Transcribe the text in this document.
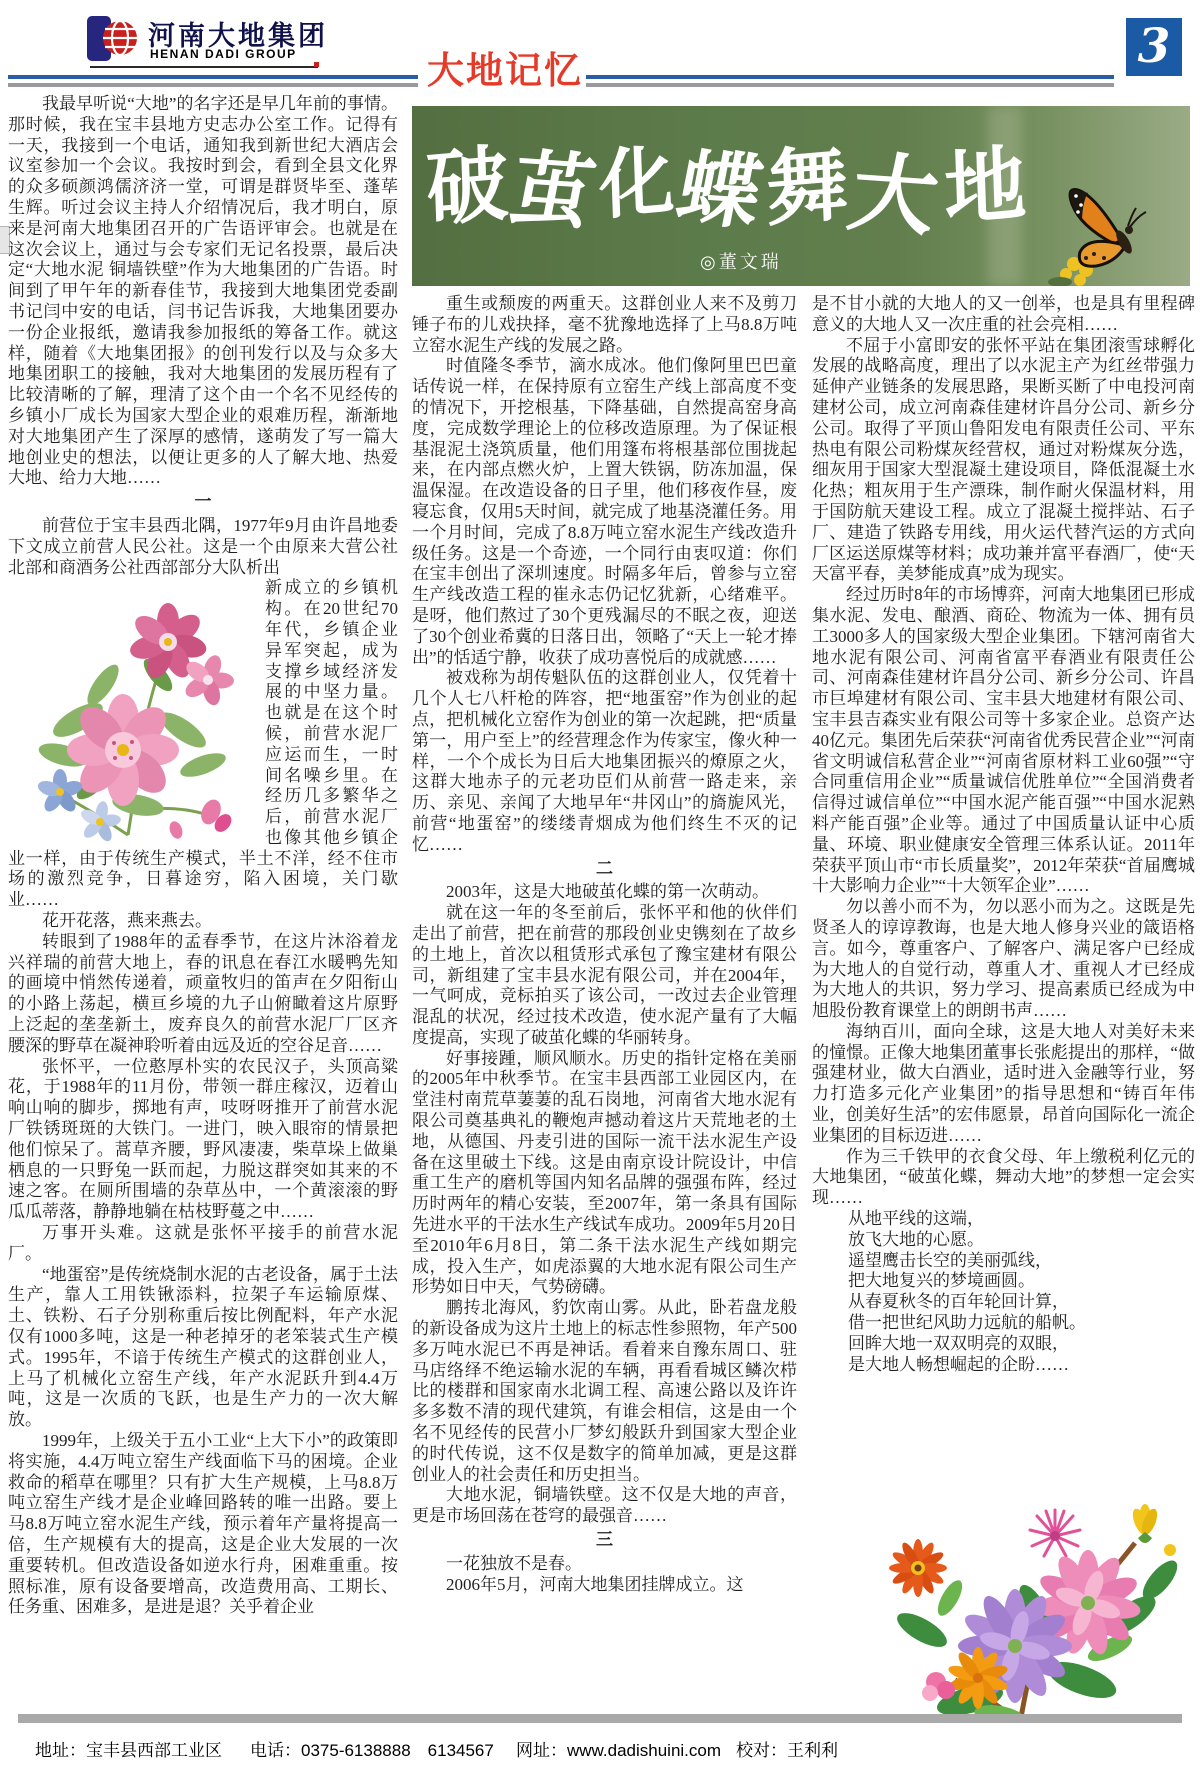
河南大地集团
HENAN DADI GROUP	大地记忆	3
破
茧
化
蝶
舞
大
地
◎董文瑞

我最早听说“大地”的名字还是早几年前的事情。那时候，我在宝丰县地方史志办公室工作。记得有一天，我接到一个电话，通知我到新世纪大酒店会议室参加一个会议。我按时到会，看到全县文化界的众多硕颜鸿儒济济一堂，可谓是群贤毕至、蓬荜生辉。听过会议主持人介绍情况后，我才明白，原来是河南大地集团召开的广告语评审会。也就是在这次会议上，通过与会专家们无记名投票，最后决定“大地水泥 铜墙铁壁”作为大地集团的广告语。时间到了甲午年的新春佳节，我接到大地集团党委副书记闫中安的电话，闫书记告诉我，大地集团要办一份企业报纸，邀请我参加报纸的筹备工作。就这样，随着《大地集团报》的创刊发行以及与众多大地集团职工的接触，我对大地集团的发展历程有了比较清晰的了解，理清了这个由一个名不见经传的乡镇小厂成长为国家大型企业的艰难历程，渐渐地对大地集团产生了深厚的感情，遂萌发了写一篇大地创业史的想法，以便让更多的人了解大地、热爱大地、给力大地……

一

前营位于宝丰县西北隅，1977年9月由许昌地委下文成立前营人民公社。这是一个由原来大营公社北部和商酒务公社西部部分大队析出

新成立的乡镇机构。在20世纪70年代，乡镇企业异军突起，成为支撑乡域经济发展的中坚力量。也就是在这个时候，前营水泥厂应运而生，一时间名噪乡里。在经历几多繁华之后，前营水泥厂也像其他乡镇企业一样，由于传统生产模式，半土不洋，经不住市场的激烈竞争，日暮途穷，陷入困境，关门歇业……

花开花落，燕来燕去。

转眼到了1988年的孟春季节，在这片沐浴着龙兴祥瑞的前营大地上，春的讯息在春江水暖鸭先知的画境中悄然传递着，顽童牧归的笛声在夕阳衔山的小路上荡起，横亘乡境的九子山俯瞰着这片原野上泛起的垄垄新土，废弃良久的前营水泥厂厂区齐腰深的野草在凝神聆听着由远及近的空谷足音……

张怀平，一位憨厚朴实的农民汉子，头顶高粱花，于1988年的11月份，带领一群庄稼汉，迈着山响山响的脚步，掷地有声，吱呀呀推开了前营水泥厂铁锈斑斑的大铁门。一进门，映入眼帘的情景把他们惊呆了。蒿草齐腰，野风凄凄，柴草垛上做巢栖息的一只野兔一跃而起，力脱这群突如其来的不速之客。在厕所围墙的杂草丛中，一个黄滚滚的野瓜瓜蒂落，静静地躺在枯枝野蔓之中……

万事开头难。这就是张怀平接手的前营水泥厂。

“地蛋窑”是传统烧制水泥的古老设备，属于土法生产，靠人工用铁锹添料，拉架子车运输原煤、土、铁粉、石子分别称重后按比例配料，年产水泥仅有1000多吨，这是一种老掉牙的老笨装式生产模式。1995年，不谙于传统生产模式的这群创业人，上马了机械化立窑生产线，年产水泥跃升到4.4万吨，这是一次质的飞跃，也是生产力的一次大解放。

1999年，上级关于五小工业“上大下小”的政策即将实施，4.4万吨立窑生产线面临下马的困境。企业救命的稻草在哪里？只有扩大生产规模，上马8.8万吨立窑生产线才是企业峰回路转的唯一出路。要上马8.8万吨立窑水泥生产线，预示着年产量将提高一倍，生产规模有大的提高，这是企业大发展的一次重要转机。但改造设备如逆水行舟，困难重重。按照标准，原有设备要增高，改造费用高、工期长、任务重、困难多，是进是退？关乎着企业

重生或颓废的两重天。这群创业人来不及剪刀锤子布的儿戏抉择，毫不犹豫地选择了上马8.8万吨立窑水泥生产线的发展之路。

时值隆冬季节，滴水成冰。他们像阿里巴巴童话传说一样，在保持原有立窑生产线上部高度不变的情况下，开挖根基，下降基础，自然提高窑身高度，完成数学理论上的位移改造原理。为了保证根基混泥土浇筑质量，他们用篷布将根基部位围拢起来，在内部点燃火炉，上置大铁锅，防冻加温，保温保湿。在改造设备的日子里，他们移夜作昼，废寝忘食，仅用5天时间，就完成了地基浇灌任务。用一个月时间，完成了8.8万吨立窑水泥生产线改造升级任务。这是一个奇迹，一个同行由衷叹道：你们在宝丰创出了深圳速度。时隔多年后，曾参与立窑生产线改造工程的崔永志仍记忆犹新，心绪难平。是呀，他们熬过了30个更残漏尽的不眠之夜，迎送了30个创业希冀的日落日出，领略了“天上一轮才捧出”的恬适宁静，收获了成功喜悦后的成就感……

被戏称为胡传魁队伍的这群创业人，仅凭着十几个人七八杆枪的阵容，把“地蛋窑”作为创业的起点，把机械化立窑作为创业的第一次起跳，把“质量第一，用户至上”的经营理念作为传家宝，像火种一样，一个个成长为日后大地集团振兴的燎原之火，这群大地赤子的元老功臣们从前营一路走来，亲历、亲见、亲闻了大地早年“井冈山”的旖旎风光，前营“地蛋窑”的缕缕青烟成为他们终生不灭的记忆……

二

2003年，这是大地破茧化蝶的第一次萌动。

就在这一年的冬至前后，张怀平和他的伙伴们走出了前营，把在前营的那段创业史镌刻在了故乡的土地上，首次以租赁形式承包了豫宝建材有限公司，新组建了宝丰县水泥有限公司，并在2004年，一气呵成，竞标拍买了该公司，一改过去企业管理混乱的状况，经过技术改造，使水泥产量有了大幅度提高，实现了破茧化蝶的华丽转身。

好事接踵，顺风顺水。历史的指针定格在美丽的2005年中秋季节。在宝丰县西部工业园区内，在堂洼村南荒草萋萋的乱石岗地，河南省大地水泥有限公司奠基典礼的鞭炮声撼动着这片天荒地老的土地，从德国、丹麦引进的国际一流干法水泥生产设备在这里破土下线。这是由南京设计院设计，中信重工生产的磨机等国内知名品牌的强强布阵，经过历时两年的精心安装，至2007年，第一条具有国际先进水平的干法水生产线试车成功。2009年5月20日至2010年6月8日，第二条干法水泥生产线如期完成，投入生产，如虎添翼的大地水泥有限公司生产形势如日中天，气势磅礴。

鹏抟北海风，豹饮南山雾。从此，卧若盘龙般的新设备成为这片土地上的标志性参照物，年产500多万吨水泥已不再是神话。看着来自豫东周口、驻马店络绎不绝运输水泥的车辆，再看看城区鳞次栉比的楼群和国家南水北调工程、高速公路以及许许多多数不清的现代建筑，有谁会相信，这是由一个名不见经传的民营小厂梦幻般跃升到国家大型企业的时代传说，这不仅是数字的简单加减，更是这群创业人的社会责任和历史担当。

大地水泥，铜墙铁壁。这不仅是大地的声音，更是市场回荡在苍穹的最强音……

三

一花独放不是春。

2006年5月，河南大地集团挂牌成立。这

是不甘小就的大地人的又一创举，也是具有里程碑意义的大地人又一次庄重的社会亮相……

不屈于小富即安的张怀平站在集团滚雪球孵化发展的战略高度，理出了以水泥主产为红丝带强力延伸产业链条的发展思路，果断买断了中电投河南建材公司，成立河南森佳建材许昌分公司、新乡分公司。取得了平顶山鲁阳发电有限责任公司、平东热电有限公司粉煤灰经营权，通过对粉煤灰分选，细灰用于国家大型混凝土建设项目，降低混凝土水化热；粗灰用于生产漂珠，制作耐火保温材料，用于国防航天建设工程。成立了混凝土搅拌站、石子厂、建造了铁路专用线，用火运代替汽运的方式向厂区运送原煤等材料；成功兼并富平春酒厂，使“天天富平春，美梦能成真”成为现实。

经过历时8年的市场博弈，河南大地集团已形成集水泥、发电、酿酒、商砼、物流为一体、拥有员工3000多人的国家级大型企业集团。下辖河南省大地水泥有限公司、河南省富平春酒业有限责任公司、河南森佳建材许昌分公司、新乡分公司、许昌市巨埠建材有限公司、宝丰县大地建材有限公司、宝丰县吉森实业有限公司等十多家企业。总资产达40亿元。集团先后荣获“河南省优秀民营企业”“河南省文明诚信私营企业”“河南省原材料工业60强”“守合同重信用企业”“质量诚信优胜单位”“全国消费者信得过诚信单位”“中国水泥产能百强”“中国水泥熟料产能百强”企业等。通过了中国质量认证中心质量、环境、职业健康安全管理三体系认证。2011年荣获平顶山市“市长质量奖”，2012年荣获“首届鹰城十大影响力企业”“十大领军企业”……

勿以善小而不为，勿以恶小而为之。这既是先贤圣人的谆谆教诲，也是大地人修身兴业的箴语格言。如今，尊重客户、了解客户、满足客户已经成为大地人的自觉行动，尊重人才、重视人才已经成为大地人的共识，努力学习、提高素质已经成为中旭股份教育课堂上的朗朗书声……

海纳百川，面向全球，这是大地人对美好未来的憧憬。正像大地集团董事长张彪提出的那样，“做强建材业，做大白酒业，适时进入金融等行业，努力打造多元化产业集团”的指导思想和“铸百年伟业，创美好生活”的宏伟愿景，昂首向国际化一流企业集团的目标迈进……

作为三千铁甲的衣食父母、年上缴税利亿元的大地集团，“破茧化蝶，舞动大地”的梦想一定会实现……

从地平线的这端，
放飞大地的心愿。
遥望鹰击长空的美丽弧线，
把大地复兴的梦境画圆。
从春夏秋冬的百年轮回计算，
借一把世纪风助力远航的船帆。
回眸大地一双双明亮的双眼，
是大地人畅想崛起的企盼……
地址：宝丰县西部工业区 电话：0375-6138888　6134567 网址：www.dadishuini.com 校对：王利利
